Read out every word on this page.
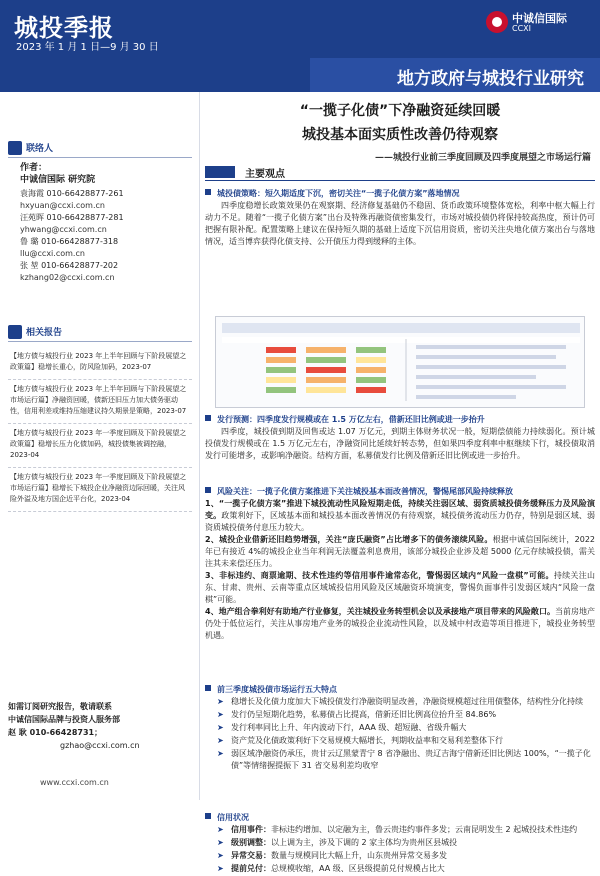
城投季报
2023 年 1 月 1 日—9 月 30 日
中诚信国际
CCXI
地方政府与城投行业研究
联络人
作者：
中诚信国际 研究院
袁海霞 010-66428877-261
hxyuan@ccxi.com.cn
汪苑晖 010-66428877-281
yhwang@ccxi.com.cn
鲁 璐 010-66428877-318
llu@ccxi.com.cn
张 堃 010-66428877-202
kzhang02@ccxi.com.cn
相关报告
【地方债与城投行业 2023 年上半年回顾与下阶段展望之政策篇】稳增长重心，防风险加码，2023-07
【地方债与城投行业 2023 年上半年回顾与下阶段展望之市场运行篇】净融资回暖，债新还旧压力加大债务驱动性，信用利差或维持压缩建议持久期景是策略，2023-07
【地方债与城投行业 2023 年一季度回顾及下阶段展望之政策篇】稳增长压力化债加码，城投债集被调控融，2023-04
【地方债与城投行业 2023 年一季度回顾及下阶段展望之市场运行篇】稳增长下城投企业净融资边际回暖，关注风险外溢及地方国企近平台化，2023-04
如需订阅研究报告，敬请联系
中诚信国际品牌与投资人服务部
赵 耿 010-66428731；
gzhao@ccxi.com.cn
www.ccxi.com.cn
“一揽子化债”下净融资延续回暖
城投基本面实质性改善仍待观察
——城投行业前三季度回顾及四季度展望之市场运行篇
主要观点
城投债策略：短久期适度下沉，密切关注“一揽子化债方案”落地情况
四季度稳增长政策效果仍在观察期、经济修复基础仍不稳固、货币政策环境整体宽松，利率中枢大幅上行动力不足。随着“一揽子化债方案”出台及特殊再融资债密集发行，市场对城投债仍将保持较高热度，预计仍可把握有限补配。配置策略上建议在保持短久期的基础上适度下沉信用资质，密切关注央地化债方案出台与落地情况，适当博弈获得化债支持、公开债压力得到缓释的主体。
发行预测：四季度发行规模或在 1.5 万亿左右，借新还旧比例或进一步抬升
四季度，城投债到期及回售或达 1.07 万亿元，到期主体财务状况一般，短期偿债能力持续弱化。预计城投债发行规模或在 1.5 万亿元左右，净融资同比延续好转态势，但如果四季度利率中枢继续下行，城投债取消发行可能增多，或影响净融资。结构方面，私募债发行比例及借新还旧比例或进一步抬升。
风险关注：一揽子化债方案推进下关注城投基本面改善情况，警惕尾部风险持续释放
1、“一揽子化债方案”推进下城投流动性风险短期走低，持续关注弱区域、弱资质城投债务缓释压力及风险演变。政策利好下，区域基本面和城投基本面改善情况仍有待观察，城投债务流动压力仍存，特别是弱区域、弱资质城投债务付息压力较大。
2、城投企业借新还旧趋势增强，关注“庞氏融资”占比增多下的债务滚续风险。根据中诚信国际统计，2022 年已有接近 4%的城投企业当年利润无法覆盖利息费用，该部分城投企业涉及超 5000 亿元存续城投债，需关注其未来偿还压力。
3、非标违约、商票逾期、技术性违约等信用事件逾常态化，警惕弱区域内“风险一盘棋”可能。持续关注山东、甘肃、贵州、云南等重点区域城投信用风险及区域融资环境演变，警惕负面事件引发弱区域内“风险一盘棋”可能。
4、地产组合拳利好有助地产行业修复，关注城投业务转型机会以及承接地产项目带来的风险敞口。当前房地产仍处于低位运行，关注从事房地产业务的城投企业流动性风险，以及城中村改造等项目推进下，城投业务转型机遇。
前三季度城投债市场运行五大特点
➤ 稳增长及化债力度加大下城投债发行净融资明显改善，净融资规模超过往用债整体，结构性分化持续
➤ 发行仍呈短期化趋势，私募债占比提高，借新还旧比例高位抬升至 84.86%
➤ 发行利率同比上升、年内波动下行，AAA 级、超短融、省级升幅大
➤ 资产荒及化债政策利好下交易规模大幅增长，判期收益率和交易利差整体下行
➤ 弱区域净融资仍承压，贵甘云辽黑蒙青宁 8 省净融出、贵辽吉海宁借新还旧比例达 100%，“一揽子化债”等情绪握提振下 31 省交易利差均收窄
信用状况
➤ 信用事件：非标违约增加、以定融为主，鲁云贵违约事件多发；云南昆明发生 2 起城投技术性违约
➤ 级别调整：以上调为主，涉及下调的 2 家主体均为贵州区县城投
➤ 异常交易：数量与规模同比大幅上升，山东贵州异常交易多发
➤ 提前兑付：总规模收缩，AA 级、区县级提前兑付规模占比大
